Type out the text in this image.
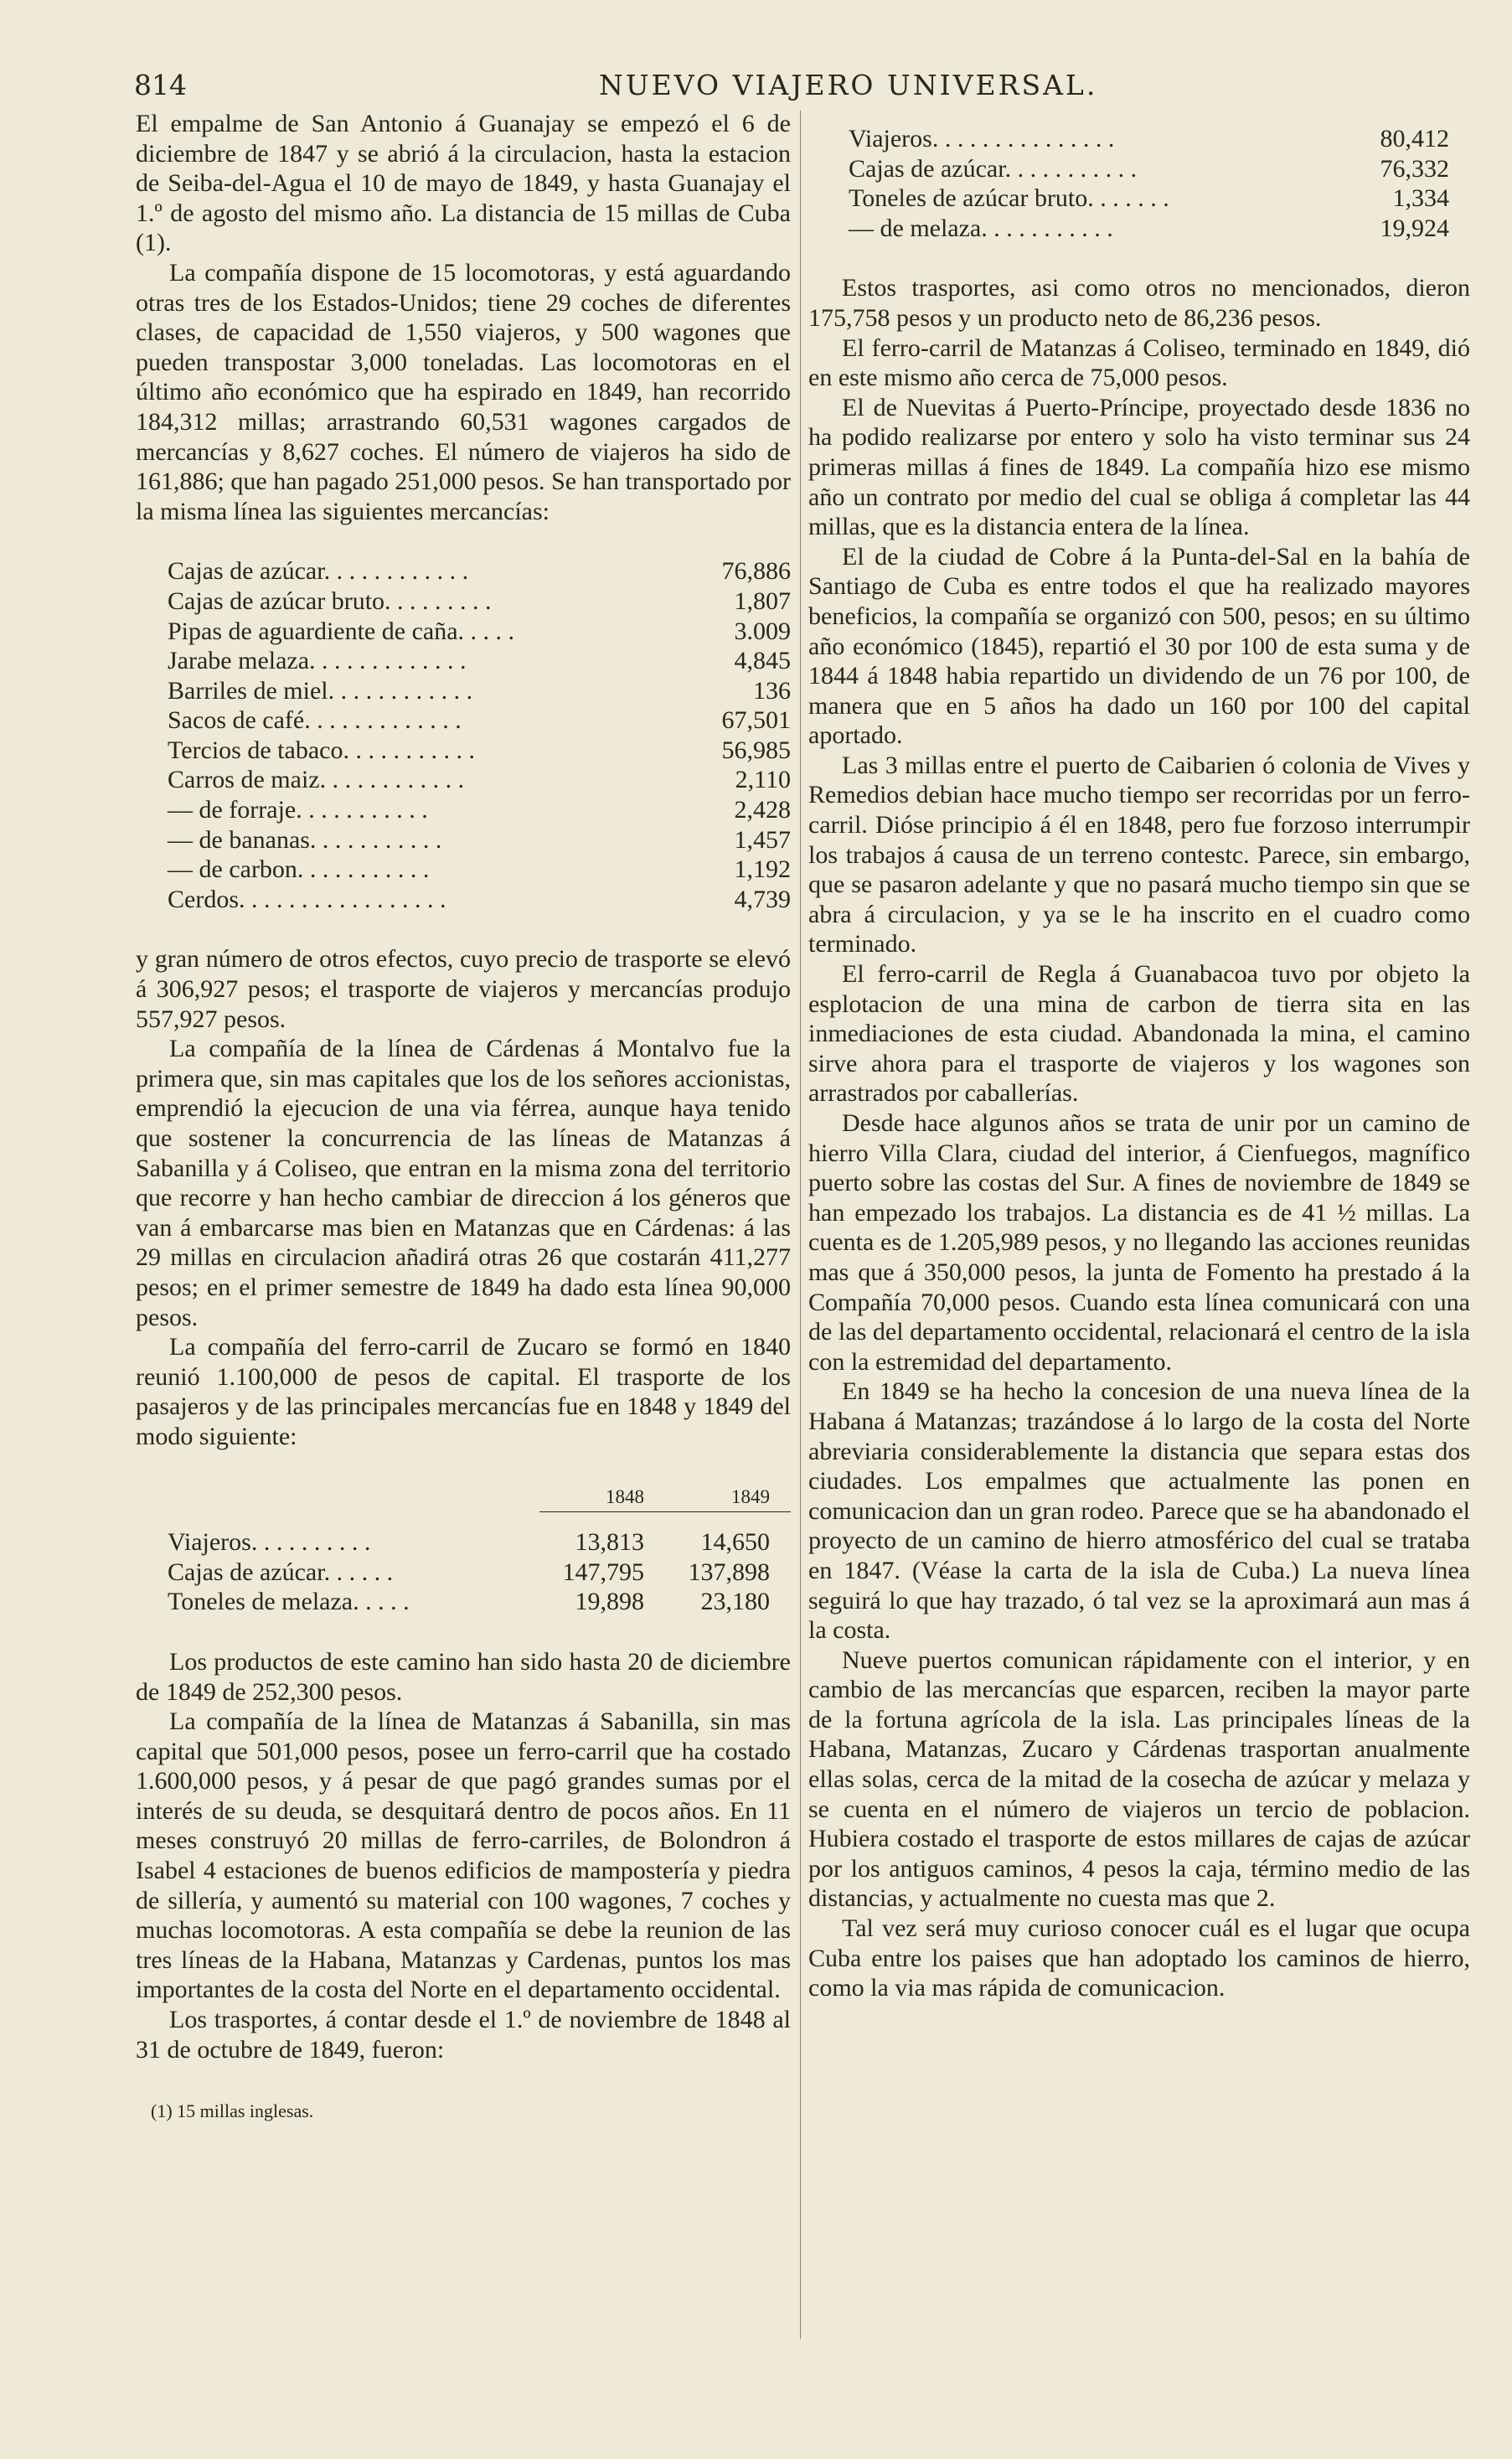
814	NUEVO VIAJERO UNIVERSAL.

El empalme de San Antonio á Guanajay se empezó el 6 de diciembre de 1847 y se abrió á la circulacion, hasta la estacion de Seiba-del-Agua el 10 de mayo de 1849, y hasta Guanajay el 1.º de agosto del mismo año. La distancia de 15 millas de Cuba (1).

La compañía dispone de 15 locomotoras, y está aguardando otras tres de los Estados-Unidos; tiene 29 coches de diferentes clases, de capacidad de 1,550 viajeros, y 500 wagones que pueden transpostar 3,000 toneladas. Las locomotoras en el último año económico que ha espirado en 1849, han recorrido 184,312 millas; arrastrando 60,531 wagones cargados de mercancías y 8,627 coches. El número de viajeros ha sido de 161,886; que han pagado 251,000 pesos. Se han transportado por la misma línea las siguientes mercancías:

Cajas de azúcar. . . . . . . . . . . .	76,886
Cajas de azúcar bruto. . . . . . . . .	1,807
Pipas de aguardiente de caña. . . . .	3.009
Jarabe melaza. . . . . . . . . . . . .	4,845
Barriles de miel. . . . . . . . . . . .	136
Sacos de café. . . . . . . . . . . . .	67,501
Tercios de tabaco. . . . . . . . . . .	56,985
Carros de maiz. . . . . . . . . . . .	2,110
— de forraje. . . . . . . . . . .	2,428
— de bananas. . . . . . . . . . .	1,457
— de carbon. . . . . . . . . . .	1,192
Cerdos. . . . . . . . . . . . . . . . .	4,739

y gran número de otros efectos, cuyo precio de trasporte se elevó á 306,927 pesos; el trasporte de viajeros y mercancías produjo 557,927 pesos.

La compañía de la línea de Cárdenas á Montalvo fue la primera que, sin mas capitales que los de los señores accionistas, emprendió la ejecucion de una via férrea, aunque haya tenido que sostener la concurrencia de las líneas de Matanzas á Sabanilla y á Coliseo, que entran en la misma zona del territorio que recorre y han hecho cambiar de direccion á los géneros que van á embarcarse mas bien en Matanzas que en Cárdenas: á las 29 millas en circulacion añadirá otras 26 que costarán 411,277 pesos; en el primer semestre de 1849 ha dado esta línea 90,000 pesos.

La compañía del ferro-carril de Zucaro se formó en 1840 reunió 1.100,000 de pesos de capital. El trasporte de los pasajeros y de las principales mercancías fue en 1848 y 1849 del modo siguiente:

	1848	1849
Viajeros. . . . . . . . . .	13,813	14,650
Cajas de azúcar. . . . . .	147,795	137,898
Toneles de melaza. . . . .	19,898	23,180

Los productos de este camino han sido hasta 20 de diciembre de 1849 de 252,300 pesos.

La compañía de la línea de Matanzas á Sabanilla, sin mas capital que 501,000 pesos, posee un ferro-carril que ha costado 1.600,000 pesos, y á pesar de que pagó grandes sumas por el interés de su deuda, se desquitará dentro de pocos años. En 11 meses construyó 20 millas de ferro-carriles, de Bolondron á Isabel 4 estaciones de buenos edificios de mampostería y piedra de sillería, y aumentó su material con 100 wagones, 7 coches y muchas locomotoras. A esta compañía se debe la reunion de las tres líneas de la Habana, Matanzas y Cardenas, puntos los mas importantes de la costa del Norte en el departamento occidental.

Los trasportes, á contar desde el 1.º de noviembre de 1848 al 31 de octubre de 1849, fueron:

(1) 15 millas inglesas.

Viajeros. . . . . . . . . . . . . . .	80,412
Cajas de azúcar. . . . . . . . . . .	76,332
Toneles de azúcar bruto. . . . . . .	1,334
— de melaza. . . . . . . . . . .	19,924

Estos trasportes, asi como otros no mencionados, dieron 175,758 pesos y un producto neto de 86,236 pesos.

El ferro-carril de Matanzas á Coliseo, terminado en 1849, dió en este mismo año cerca de 75,000 pesos.

El de Nuevitas á Puerto-Príncipe, proyectado desde 1836 no ha podido realizarse por entero y solo ha visto terminar sus 24 primeras millas á fines de 1849. La compañía hizo ese mismo año un contrato por medio del cual se obliga á completar las 44 millas, que es la distancia entera de la línea.

El de la ciudad de Cobre á la Punta-del-Sal en la bahía de Santiago de Cuba es entre todos el que ha realizado mayores beneficios, la compañía se organizó con 500, pesos; en su último año económico (1845), repartió el 30 por 100 de esta suma y de 1844 á 1848 habia repartido un dividendo de un 76 por 100, de manera que en 5 años ha dado un 160 por 100 del capital aportado.

Las 3 millas entre el puerto de Caibarien ó colonia de Vives y Remedios debian hace mucho tiempo ser recorridas por un ferro-carril. Dióse principio á él en 1848, pero fue forzoso interrumpir los trabajos á causa de un terreno contestc. Parece, sin embargo, que se pasaron adelante y que no pasará mucho tiempo sin que se abra á circulacion, y ya se le ha inscrito en el cuadro como terminado.

El ferro-carril de Regla á Guanabacoa tuvo por objeto la esplotacion de una mina de carbon de tierra sita en las inmediaciones de esta ciudad. Abandonada la mina, el camino sirve ahora para el trasporte de viajeros y los wagones son arrastrados por caballerías.

Desde hace algunos años se trata de unir por un camino de hierro Villa Clara, ciudad del interior, á Cienfuegos, magnífico puerto sobre las costas del Sur. A fines de noviembre de 1849 se han empezado los trabajos. La distancia es de 41 ½ millas. La cuenta es de 1.205,989 pesos, y no llegando las acciones reunidas mas que á 350,000 pesos, la junta de Fomento ha prestado á la Compañía 70,000 pesos. Cuando esta línea comunicará con una de las del departamento occidental, relacionará el centro de la isla con la estremidad del departamento.

En 1849 se ha hecho la concesion de una nueva línea de la Habana á Matanzas; trazándose á lo largo de la costa del Norte abreviaria considerablemente la distancia que separa estas dos ciudades. Los empalmes que actualmente las ponen en comunicacion dan un gran rodeo. Parece que se ha abandonado el proyecto de un camino de hierro atmosférico del cual se trataba en 1847. (Véase la carta de la isla de Cuba.) La nueva línea seguirá lo que hay trazado, ó tal vez se la aproximará aun mas á la costa.

Nueve puertos comunican rápidamente con el interior, y en cambio de las mercancías que esparcen, reciben la mayor parte de la fortuna agrícola de la isla. Las principales líneas de la Habana, Matanzas, Zucaro y Cárdenas trasportan anualmente ellas solas, cerca de la mitad de la cosecha de azúcar y melaza y se cuenta en el número de viajeros un tercio de poblacion. Hubiera costado el trasporte de estos millares de cajas de azúcar por los antiguos caminos, 4 pesos la caja, término medio de las distancias, y actualmente no cuesta mas que 2.

Tal vez será muy curioso conocer cuál es el lugar que ocupa Cuba entre los paises que han adoptado los caminos de hierro, como la via mas rápida de comunicacion.
